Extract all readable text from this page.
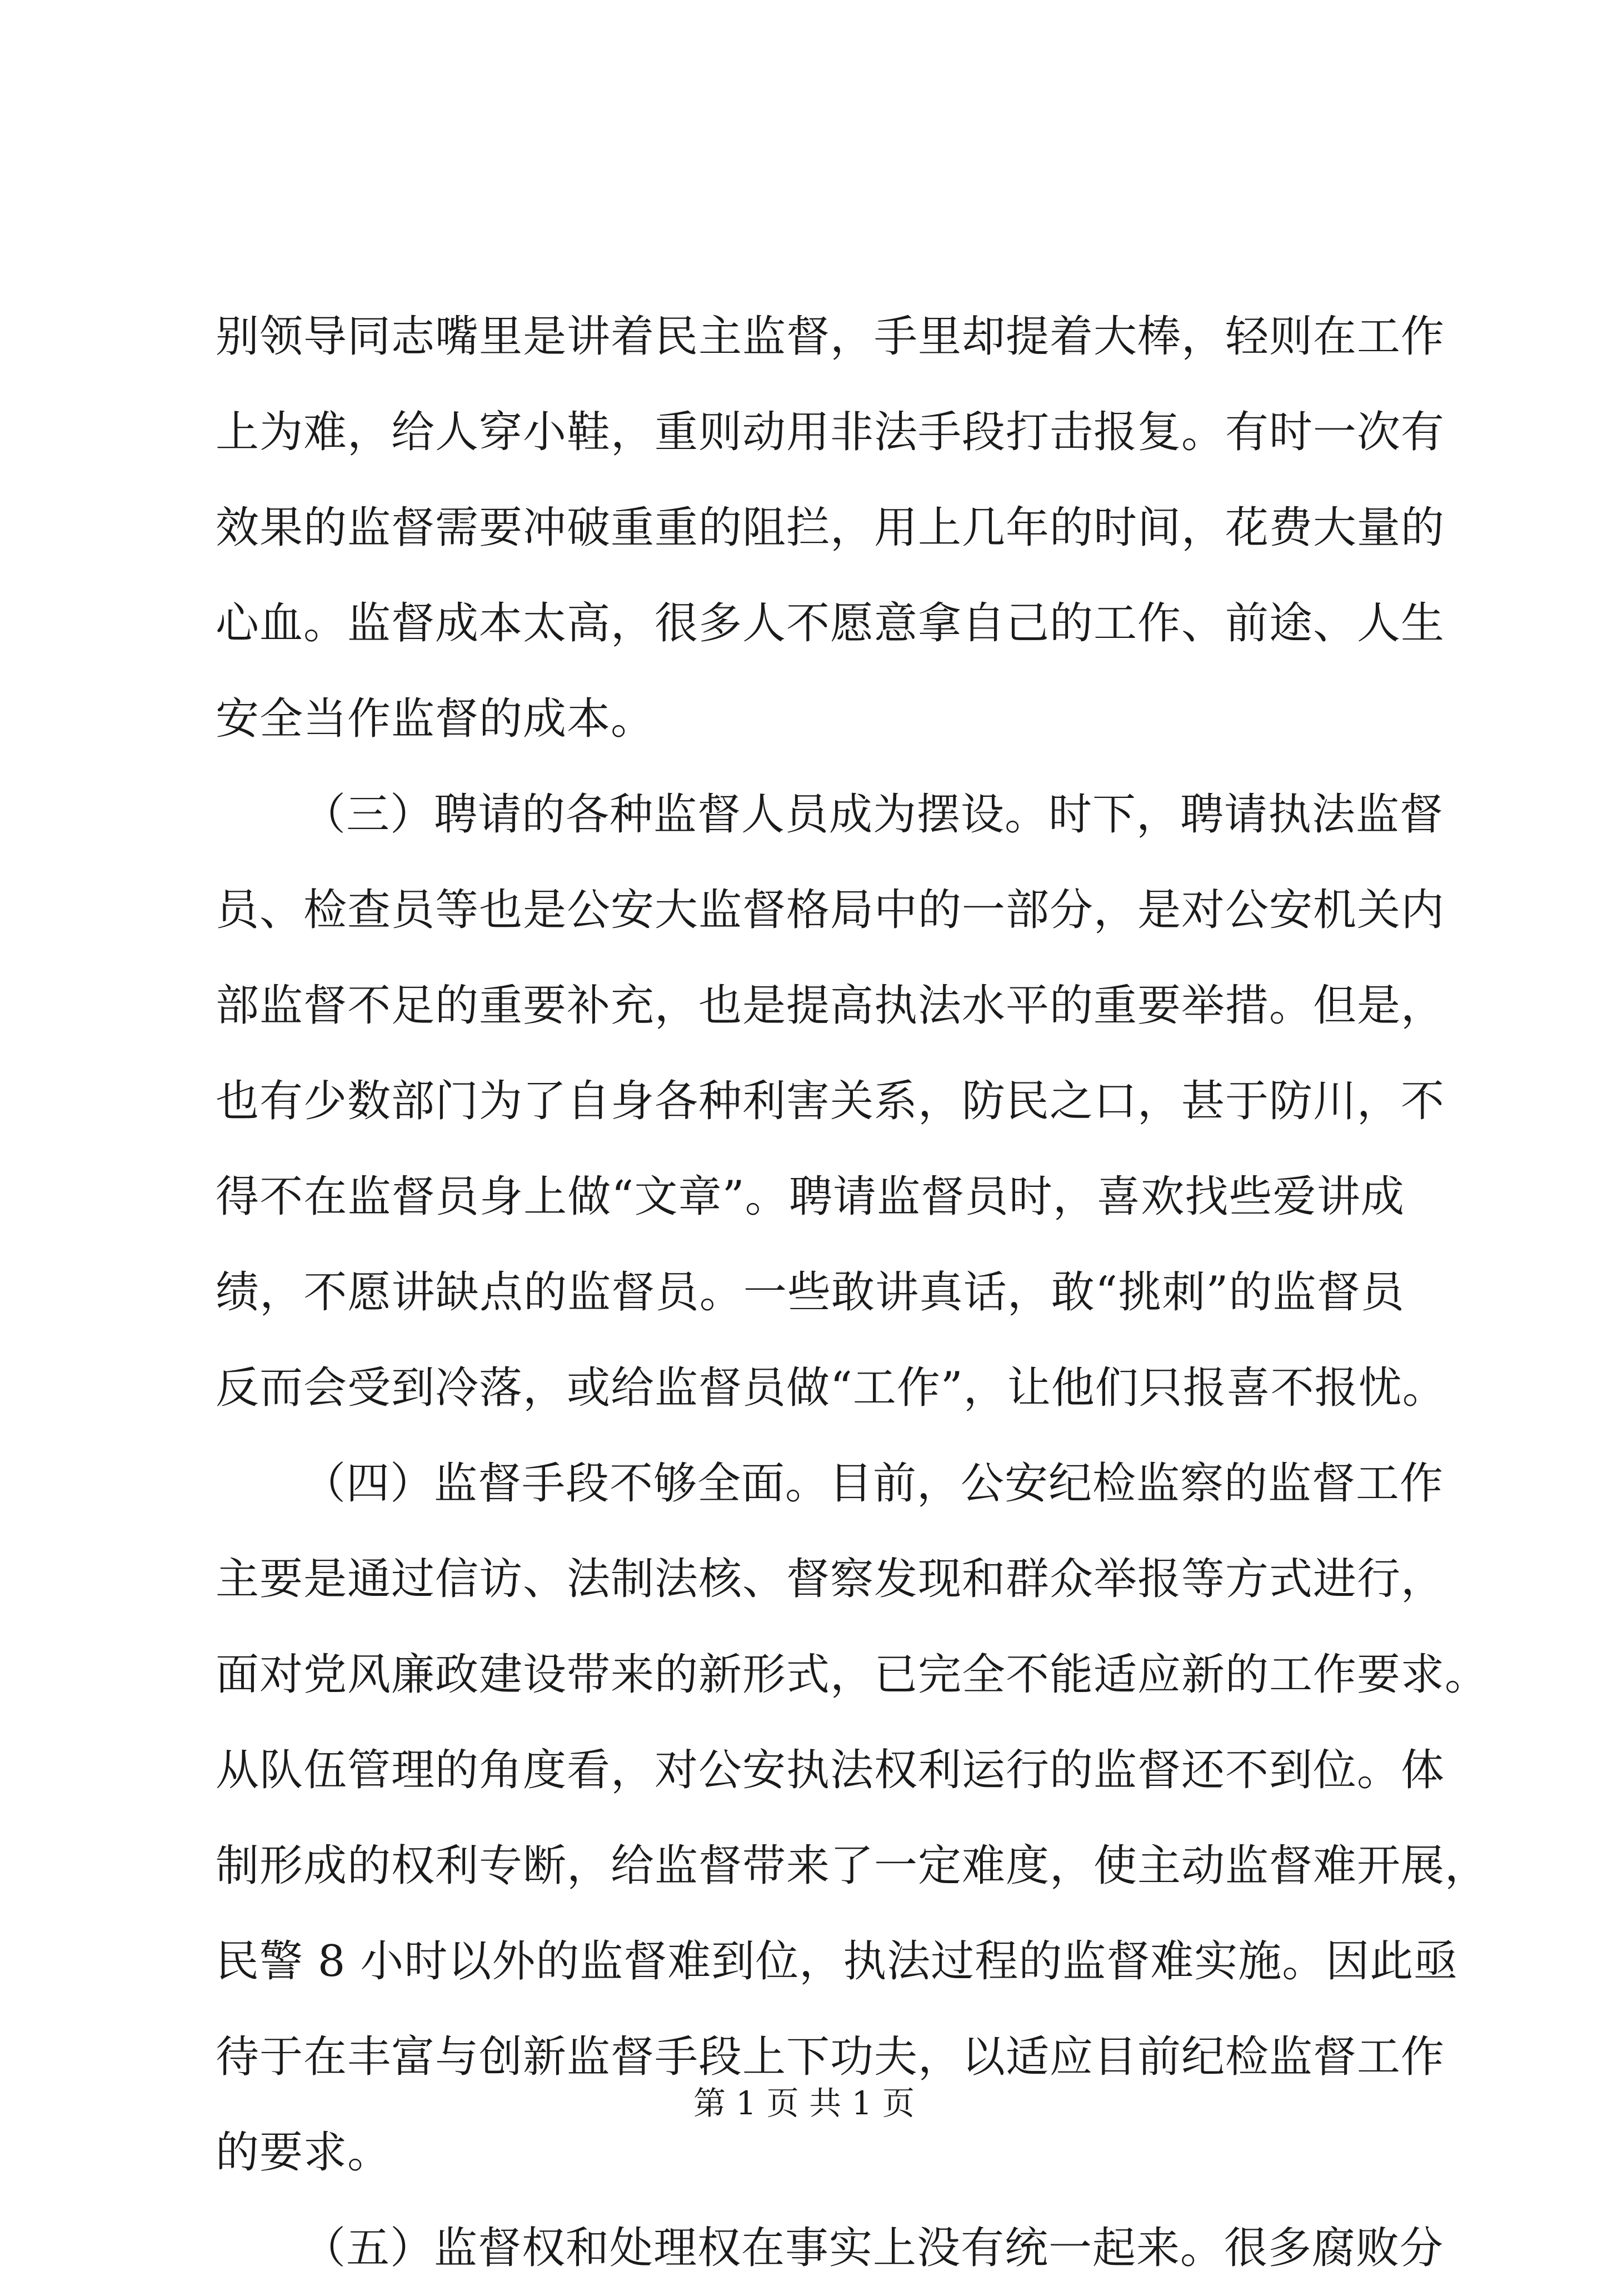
别领导同志嘴里是讲着民主监督，手里却提着大棒，轻则在工作
上为难，给人穿小鞋，重则动用非法手段打击报复。有时一次有
效果的监督需要冲破重重的阻拦，用上几年的时间，花费大量的
心血。监督成本太高，很多人不愿意拿自己的工作、前途、人生
安全当作监督的成本。
（三）聘请的各种监督人员成为摆设。时下，聘请执法监督
员、检查员等也是公安大监督格局中的一部分，是对公安机关内
部监督不足的重要补充，也是提高执法水平的重要举措。但是，
也有少数部门为了自身各种利害关系，防民之口，甚于防川，不
得不在监督员身上做“文章”。聘请监督员时，喜欢找些爱讲成
绩，不愿讲缺点的监督员。一些敢讲真话，敢“挑刺”的监督员
反而会受到冷落，或给监督员做“工作”，让他们只报喜不报忧。
（四）监督手段不够全面。目前，公安纪检监察的监督工作
主要是通过信访、法制法核、督察发现和群众举报等方式进行，
面对党风廉政建设带来的新形式，已完全不能适应新的工作要求。
从队伍管理的角度看，对公安执法权利运行的监督还不到位。体
制形成的权利专断，给监督带来了一定难度，使主动监督难开展，
民警 8 小时以外的监督难到位，执法过程的监督难实施。因此亟
待于在丰富与创新监督手段上下功夫，以适应目前纪检监督工作
的要求。
（五）监督权和处理权在事实上没有统一起来。很多腐败分
第 1 页 共 1 页
